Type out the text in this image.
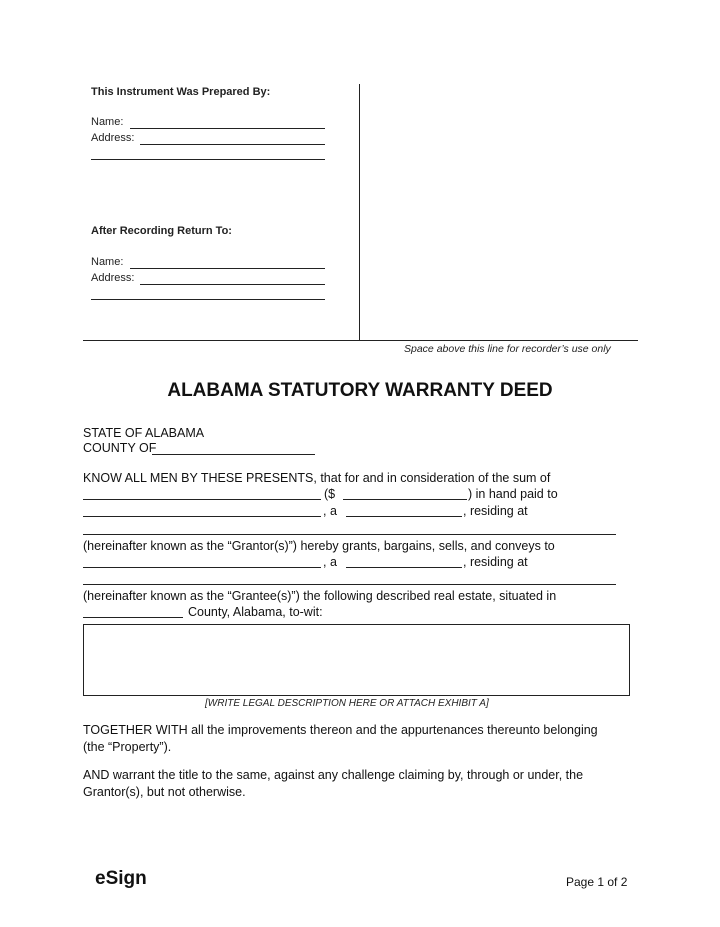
This Instrument Was Prepared By:
Name:
Address:
After Recording Return To:
Name:
Address:
Space above this line for recorder’s use only
ALABAMA STATUTORY WARRANTY DEED
STATE OF ALABAMA
COUNTY OF
KNOW ALL MEN BY THESE PRESENTS, that for and in consideration of the sum of
($	) in hand paid to
, a	, residing at
(hereinafter known as the “Grantor(s)”) hereby grants, bargains, sells, and conveys to
, a	, residing at
(hereinafter known as the “Grantee(s)”) the following described real estate, situated in
County, Alabama, to-wit:
[WRITE LEGAL DESCRIPTION HERE OR ATTACH EXHIBIT A]
TOGETHER WITH all the improvements thereon and the appurtenances thereunto belonging
(the “Property”).
AND warrant the title to the same, against any challenge claiming by, through or under, the
Grantor(s), but not otherwise.
eSign	Page 1 of 2
